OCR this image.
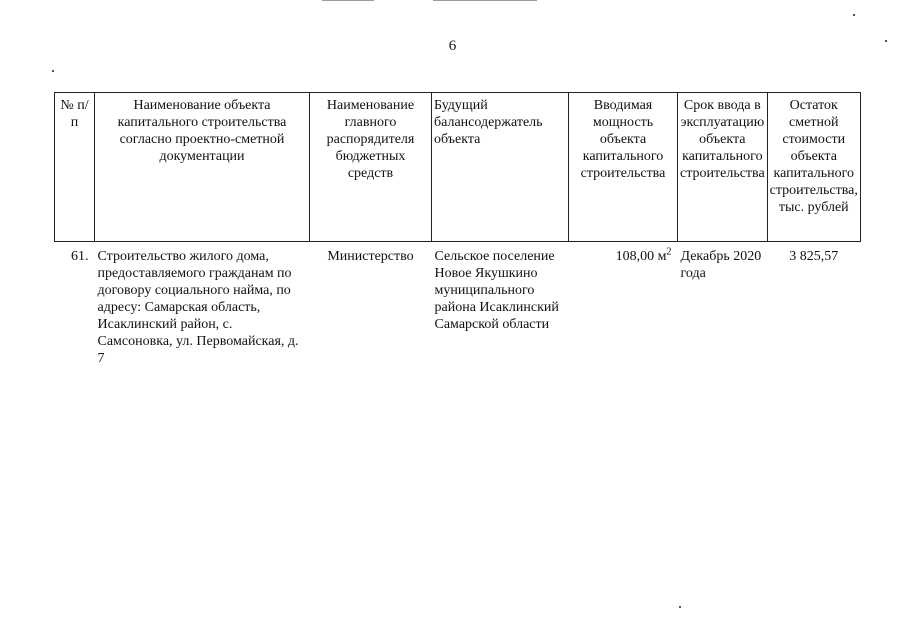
6
№ п/п	Наименование объекта капитального строительства согласно проектно-сметной документации	Наименование главного распорядителя бюджетных средств	Будущий балансодержатель объекта	Вводимая мощность объекта капитального строительства	Срок ввода в эксплуатацию объекта капитального строительства	Остаток сметной стоимости объекта капитального строительства, тыс. рублей
61.	Строительство жилого дома, предоставляемого гражданам по договору социального найма, по адресу: Самарская область, Исаклинский район, с. Самсоновка, ул. Первомайская, д. 7	Министерство	Сельское поселение Новое Якушкино муниципального района Исаклинский Самарской области	108,00 $м^2$	Декабрь 2020 года	3 825,57
